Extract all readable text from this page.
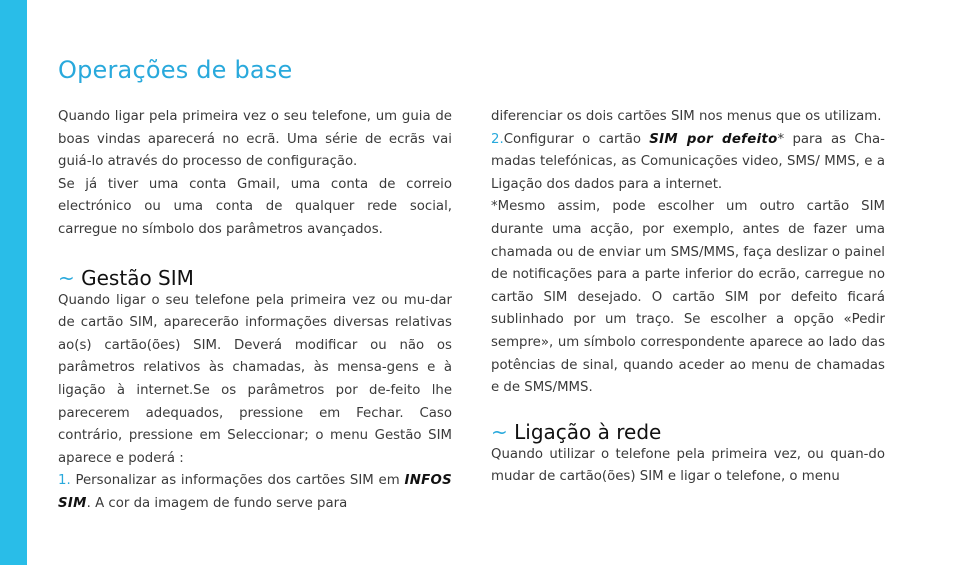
Operações de base

Quando ligar pela primeira vez o seu telefone, um guia de boas vindas aparecerá no ecrã. Uma série de ecrãs vai guiá-lo através do processo de configuração.

Se já tiver uma conta Gmail, uma conta de correio electrónico ou uma conta de qualquer rede social, carregue no símbolo dos parâmetros avançados.

~ Gestão SIM

Quando ligar o seu telefone pela primeira vez ou mu-dar de cartão SIM, aparecerão informações diversas relativas ao(s) cartão(ões) SIM. Deverá modificar ou não os parâmetros relativos às chamadas, às mensa-gens e à ligação à internet.Se os parâmetros por de-feito lhe parecerem adequados, pressione em Fechar. Caso contrário, pressione em Seleccionar; o menu Gestão SIM aparece e poderá :

1. Personalizar as informações dos cartões SIM em INFOS SIM. A cor da imagem de fundo serve para

diferenciar os dois cartões SIM nos menus que os utilizam.

2.Configurar o cartão SIM por defeito* para as Cha-madas telefónicas, as Comunicações video, SMS/ MMS, e a Ligação dos dados para a internet.

*Mesmo assim, pode escolher um outro cartão SIM durante uma acção, por exemplo, antes de fazer uma chamada ou de enviar um SMS/MMS, faça deslizar o painel de notificações para a parte inferior do ecrão, carregue no cartão SIM desejado. O cartão SIM por defeito ficará sublinhado por um traço. Se escolher a opção «Pedir sempre», um símbolo correspondente aparece ao lado das potências de sinal, quando aceder ao menu de chamadas e de SMS/MMS.

~ Ligação à rede

Quando utilizar o telefone pela primeira vez, ou quan-do mudar de cartão(ões) SIM e ligar o telefone, o menu
